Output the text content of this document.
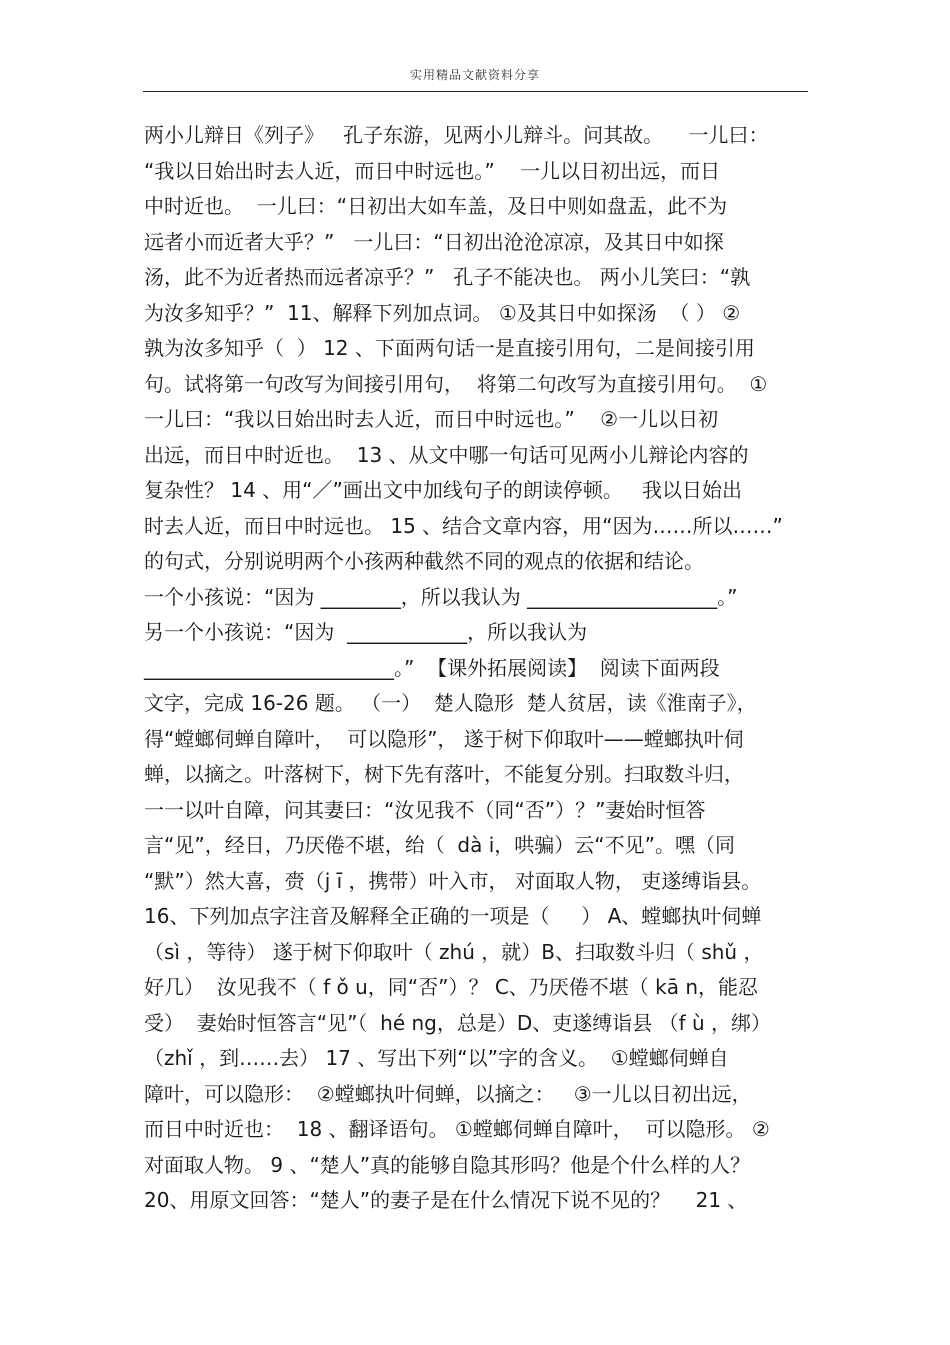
实用精品文献资料分享
两小儿辩日《列子》   孔子东游，见两小儿辩斗。问其故。    一儿曰：
“我以日始出时去人近，而日中时远也。”    一儿以日初出远，而日
中时近也。  一儿曰：“日初出大如车盖，及日中则如盘盂，此不为
远者小而近者大乎？”   一儿曰：“日初出沧沧凉凉，及其日中如探
汤，此不为近者热而远者凉乎？”   孔子不能决也。 两小儿笑曰：“孰
为汝多知乎？”  11、解释下列加点词。 ①及其日中如探汤  （ ） ②
孰为汝多知乎（  ） 12 、下面两句话一是直接引用句，二是间接引用
句。试将第一句改写为间接引用句，  将第二句改写为直接引用句。  ①
一儿曰：“我以日始出时去人近，而日中时远也。”    ②一儿以日初
出远，而日中时近也。  13 、从文中哪一句话可见两小儿辩论内容的
复杂性？ 14 、用“／”画出文中加线句子的朗读停顿。   我以日始出
时去人近，而日中时远也。 15 、结合文章内容，用“因为……所以……”
的句式，分别说明两个小孩两种截然不同的观点的依据和结论。
一个小孩说：“因为 ________，所以我认为 ___________________。”
另一个小孩说：“因为  ____________，所以我认为
_________________________。”  【课外拓展阅读】  阅读下面两段
文字，完成 16-26 题。 （一）  楚人隐形  楚人贫居，读《淮南子》，
得“螳螂伺蝉自障叶，  可以隐形”， 遂于树下仰取叶——螳螂执叶伺
蝉，以摘之。叶落树下，树下先有落叶，不能复分别。扫取数斗归，
一一以叶自障，问其妻曰：“汝见我不（同“否”）？”妻始时恒答
言“见”，经日，乃厌倦不堪，绐（  dà i，哄骗）云“不见”。嘿（同
“默”）然大喜，赍（j ī ，携带）叶入市， 对面取人物， 吏遂缚诣县。
16、下列加点字注音及解释全正确的一项是（     ） A、螳螂执叶伺蝉
（sì ，等待） 遂于树下仰取叶（ zhú ，就）B、扫取数斗归（ shǔ ，
好几）  汝见我不（ f ǒ u，同“否”）？ C、乃厌倦不堪（ kā n，能忍
受）  妻始时恒答言“见”（  hé ng，总是）D、吏遂缚诣县 （f ù ，绑）
（zhǐ ，到……去） 17 、写出下列“以”字的含义。  ①螳螂伺蝉自
障叶，可以隐形：  ②螳螂执叶伺蝉，以摘之：   ③一儿以日初出远，
而日中时近也：  18 、翻译语句。 ①螳螂伺蝉自障叶，  可以隐形。 ②
对面取人物。 9 、“楚人”真的能够自隐其形吗？他是个什么样的人？
20、用原文回答：“楚人”的妻子是在什么情况下说不见的？    21 、
